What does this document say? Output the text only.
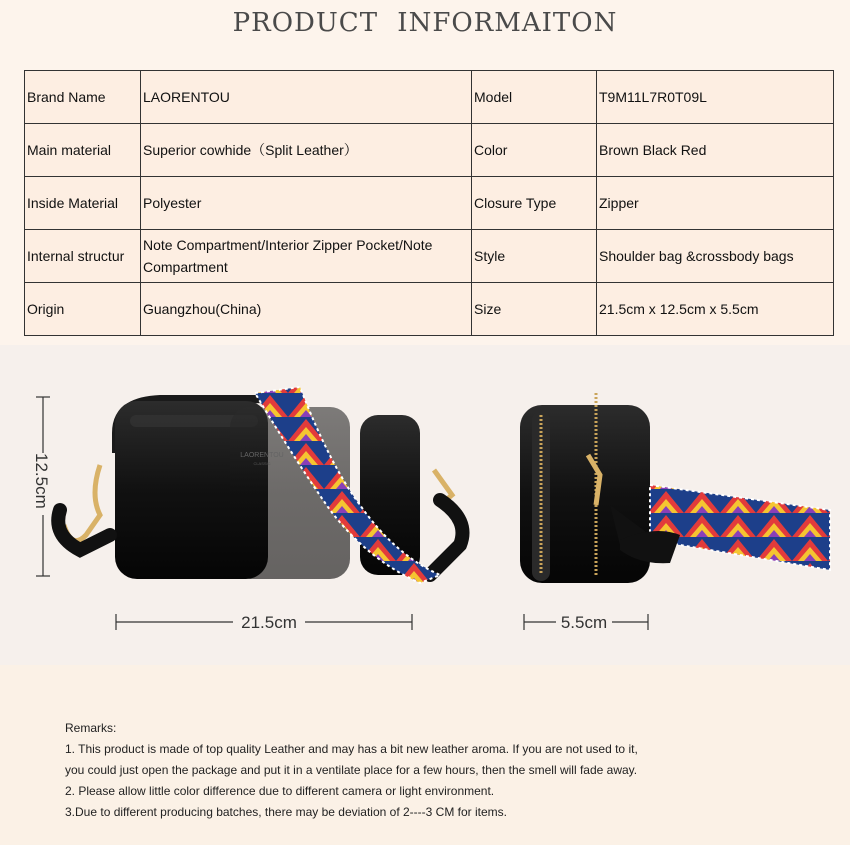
PRODUCT INFORMAITON
Brand Name	LAORENTOU	Model	T9M11L7R0T09L
Main material	Superior cowhide（Split Leather）	Color	Brown Black Red
Inside Material	Polyester	Closure Type	Zipper
Internal structur	Note Compartment/Interior Zipper Pocket/Note Compartment	Style	Shoulder bag &crossbody bags
Origin	Guangzhou(China)	Size	21.5cm x 12.5cm x 5.5cm
12.5cm
21.5cm	5.5cm
Remarks:
1. This product is made of top quality Leather and may has a bit new leather aroma. If you are not used to it,
you could just open the package and put it in a ventilate place for a few hours, then the smell will fade away.
2. Please allow little color difference due to different camera or light environment.
3.Due to different producing batches, there may be deviation of 2----3 CM for items.
